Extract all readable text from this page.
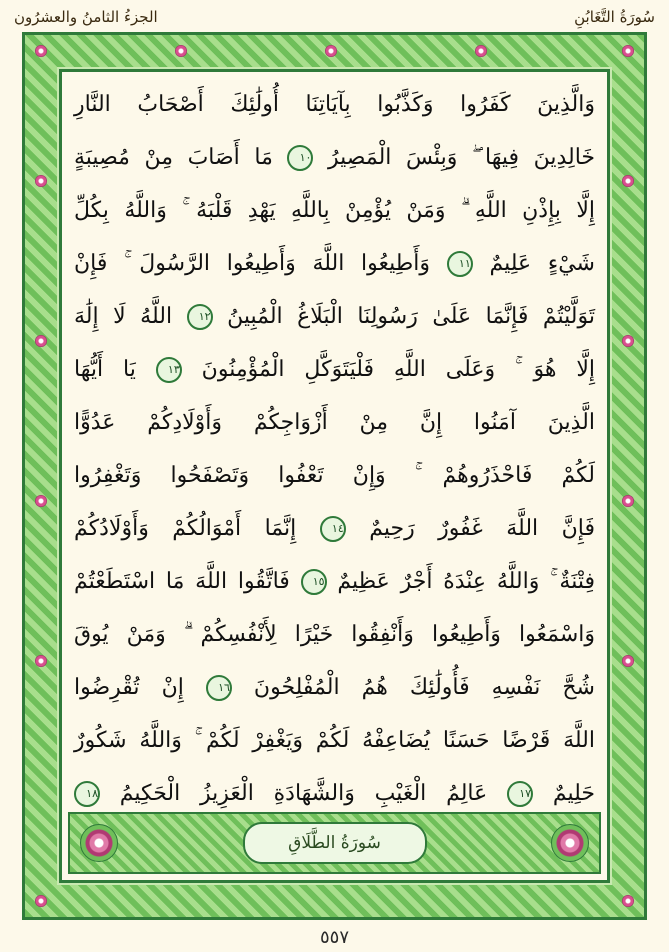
الجزءُ الثامنُ والعشرُون	سُورَةُ التَّغَابُنِ
وَالَّذِينَ كَفَرُوا وَكَذَّبُوا بِآيَاتِنَا أُولَٰئِكَ أَصْحَابُ النَّارِ
خَالِدِينَ فِيهَا ۖ وَبِئْسَ الْمَصِيرُ ١٠ مَا أَصَابَ مِنْ مُصِيبَةٍ
إِلَّا بِإِذْنِ اللَّهِ ۗ وَمَنْ يُؤْمِنْ بِاللَّهِ يَهْدِ قَلْبَهُ ۚ وَاللَّهُ بِكُلِّ
شَيْءٍ عَلِيمٌ ١١ وَأَطِيعُوا اللَّهَ وَأَطِيعُوا الرَّسُولَ ۚ فَإِنْ
تَوَلَّيْتُمْ فَإِنَّمَا عَلَىٰ رَسُولِنَا الْبَلَاغُ الْمُبِينُ ١٢ اللَّهُ لَا إِلَٰهَ
إِلَّا هُوَ ۚ وَعَلَى اللَّهِ فَلْيَتَوَكَّلِ الْمُؤْمِنُونَ ١٣ يَا أَيُّهَا
الَّذِينَ آمَنُوا إِنَّ مِنْ أَزْوَاجِكُمْ وَأَوْلَادِكُمْ عَدُوًّا
لَكُمْ فَاحْذَرُوهُمْ ۚ وَإِنْ تَعْفُوا وَتَصْفَحُوا وَتَغْفِرُوا
فَإِنَّ اللَّهَ غَفُورٌ رَحِيمٌ ١٤ إِنَّمَا أَمْوَالُكُمْ وَأَوْلَادُكُمْ
فِتْنَةٌ ۚ وَاللَّهُ عِنْدَهُ أَجْرٌ عَظِيمٌ ١٥ فَاتَّقُوا اللَّهَ مَا اسْتَطَعْتُمْ
وَاسْمَعُوا وَأَطِيعُوا وَأَنْفِقُوا خَيْرًا لِأَنْفُسِكُمْ ۗ وَمَنْ يُوقَ
شُحَّ نَفْسِهِ فَأُولَٰئِكَ هُمُ الْمُفْلِحُونَ ١٦ إِنْ تُقْرِضُوا
اللَّهَ قَرْضًا حَسَنًا يُضَاعِفْهُ لَكُمْ وَيَغْفِرْ لَكُمْ ۚ وَاللَّهُ شَكُورٌ
حَلِيمٌ ١٧ عَالِمُ الْغَيْبِ وَالشَّهَادَةِ الْعَزِيزُ الْحَكِيمُ ١٨
سُورَةُ الطَّلَاقِ
٥٥٧
